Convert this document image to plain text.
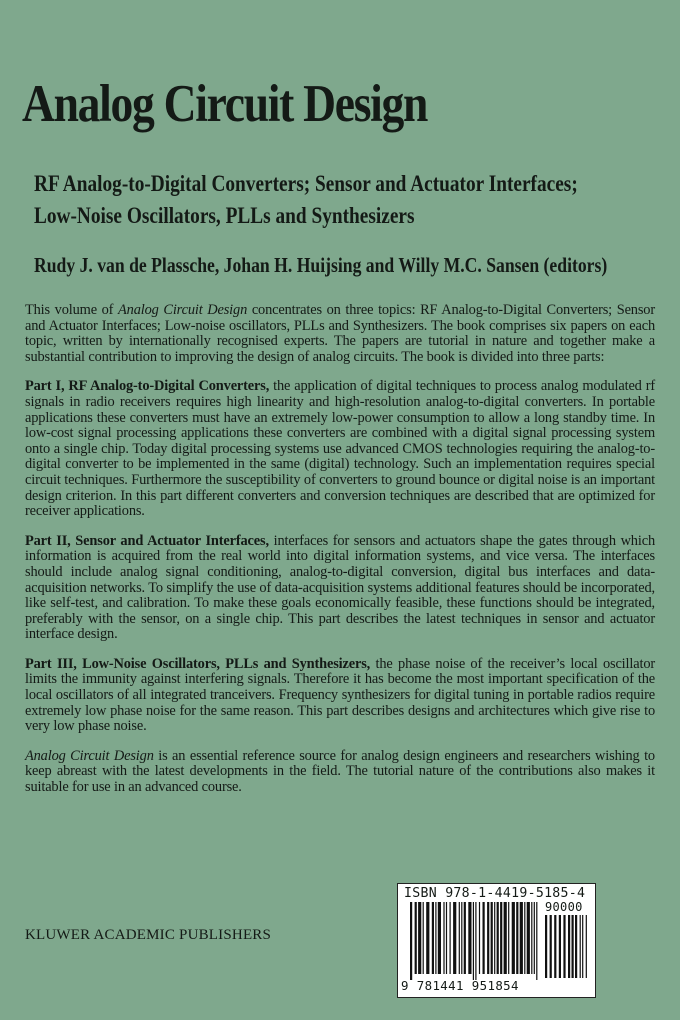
Analog Circuit Design
RF Analog-to-Digital Converters; Sensor and Actuator Interfaces;
Low-Noise Oscillators, PLLs and Synthesizers
Rudy J. van de Plassche, Johan H. Huijsing and Willy M.C. Sansen (editors)

This volume of Analog Circuit Design concentrates on three topics: RF Analog-to-Digital Converters; Sensor and Actuator Interfaces; Low-noise oscillators, PLLs and Synthesizers. The book comprises six papers on each topic, written by internationally recognised experts. The papers are tutorial in nature and together make a substantial contribution to improving the design of analog circuits. The book is divided into three parts:

Part I, RF Analog-to-Digital Converters, the application of digital techniques to process analog modulated rf signals in radio receivers requires high linearity and high-resolution analog-to-digital converters. In portable applications these converters must have an extremely low-power consumption to allow a long standby time. In low-cost signal processing applications these converters are combined with a digital signal processing system onto a single chip. Today digital processing systems use advanced CMOS technologies requiring the analog-to-digital converter to be implemented in the same (digital) technology. Such an implementation requires special circuit techniques. Furthermore the susceptibility of converters to ground bounce or digital noise is an important design criterion. In this part different converters and conversion techniques are described that are optimized for receiver applications.

Part II, Sensor and Actuator Interfaces, interfaces for sensors and actuators shape the gates through which information is acquired from the real world into digital information systems, and vice versa. The interfaces should include analog signal conditioning, analog-to-digital conversion, digital bus interfaces and data-acquisition networks. To simplify the use of data-acquisition systems additional features should be incorporated, like self-test, and calibration. To make these goals economically feasible, these functions should be integrated, preferably with the sensor, on a single chip. This part describes the latest techniques in sensor and actuator interface design.

Part III, Low-Noise Oscillators, PLLs and Synthesizers, the phase noise of the receiver’s local oscillator limits the immunity against interfering signals. Therefore it has become the most important specification of the local oscillators of all integrated tranceivers. Frequency synthesizers for digital tuning in portable radios require extremely low phase noise for the same reason. This part describes designs and architectures which give rise to very low phase noise.

Analog Circuit Design is an essential reference source for analog design engineers and researchers wishing to keep abreast with the latest developments in the field. The tutorial nature of the contributions also makes it suitable for use in an advanced course.

KLUWER ACADEMIC PUBLISHERS
ISBN 978-1-4419-5185-4
90000
9 781441 951854
